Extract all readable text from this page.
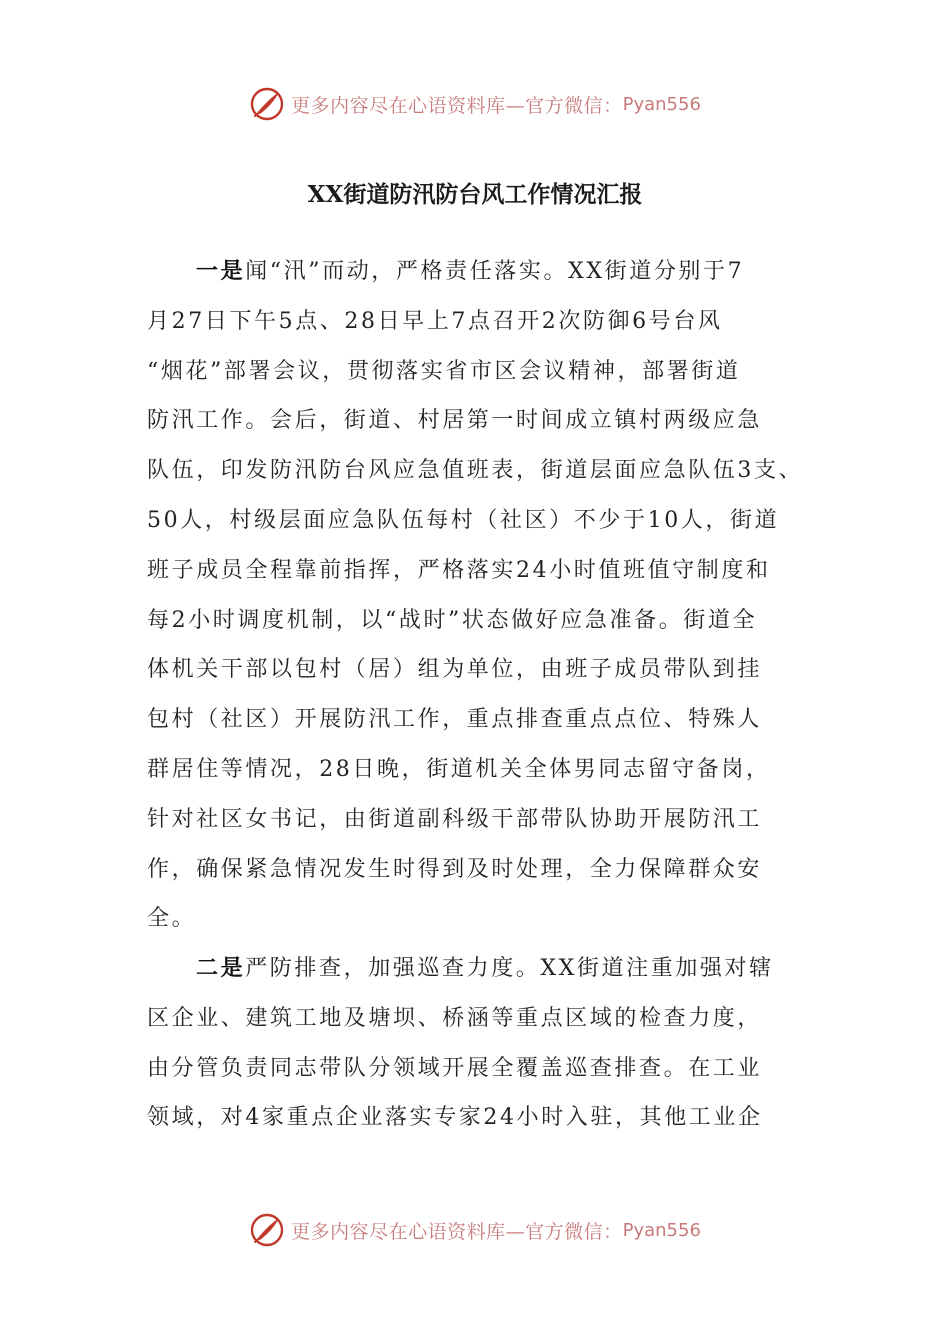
更多内容尽在心语资料库—官方微信： Pyan556
XX街道防汛防台风工作情况汇报
一是闻“汛”而动，严格责任落实。XX街道分别于7
月27日下午5点、28日早上7点召开2次防御6号台风
“烟花”部署会议，贯彻落实省市区会议精神，部署街道
防汛工作。会后，街道、村居第一时间成立镇村两级应急
队伍，印发防汛防台风应急值班表，街道层面应急队伍3支、
50人，村级层面应急队伍每村（社区）不少于10人，街道
班子成员全程靠前指挥，严格落实24小时值班值守制度和
每2小时调度机制，以“战时”状态做好应急准备。街道全
体机关干部以包村（居）组为单位，由班子成员带队到挂
包村（社区）开展防汛工作，重点排查重点点位、特殊人
群居住等情况，28日晚，街道机关全体男同志留守备岗，
针对社区女书记，由街道副科级干部带队协助开展防汛工
作，确保紧急情况发生时得到及时处理，全力保障群众安
全。
二是严防排查，加强巡查力度。XX街道注重加强对辖
区企业、建筑工地及塘坝、桥涵等重点区域的检查力度，
由分管负责同志带队分领域开展全覆盖巡查排查。在工业
领域，对4家重点企业落实专家24小时入驻，其他工业企
更多内容尽在心语资料库—官方微信： Pyan556
